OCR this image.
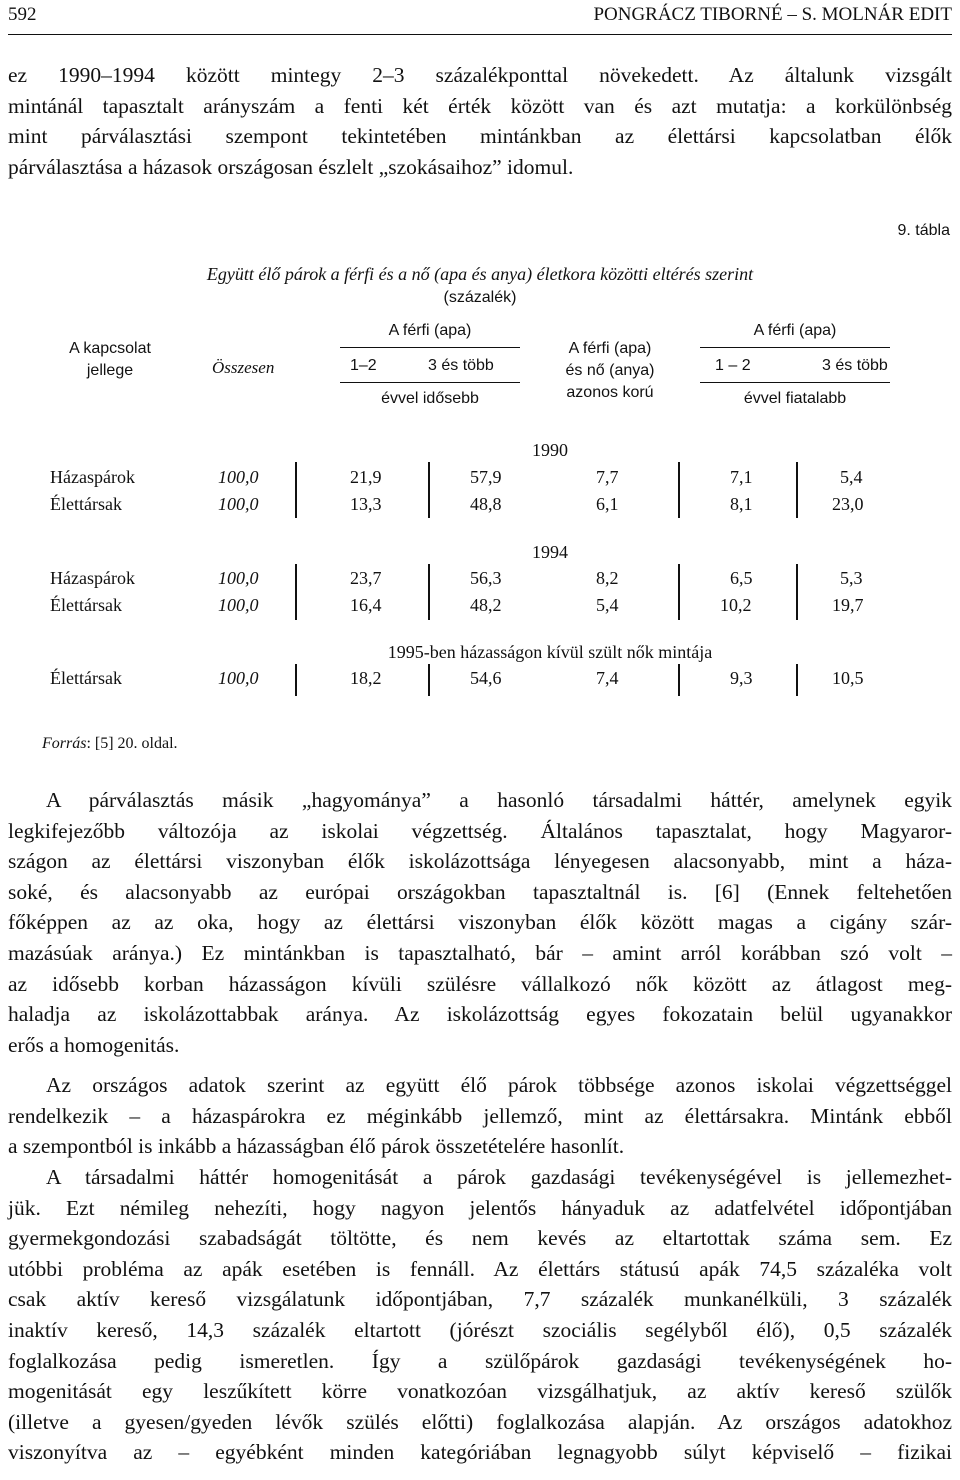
592	PONGRÁCZ TIBORNÉ – S. MOLNÁR EDIT
ez 1990–1994 között mintegy 2–3 százalékponttal növekedett. Az általunk vizsgált
mintánál tapasztalt arányszám a fenti két érték között van és azt mutatja: a korkülönbség
mint párválasztási szempont tekintetében mintánkban az élettársi kapcsolatban élők
párválasztása a házasok országosan észlelt „szokásaihoz” idomul.
9. tábla
Együtt élő párok a férfi és a nő (apa és anya) életkora közötti eltérés szerint
(százalék)
A kapcsolat
jellege	Összesen
A férfi (apa)
1–2	3 és több
évvel idősebb
A férfi (apa)
és nő (anya)
azonos korú
A férfi (apa)
1 – 2	3 és több
évvel fiatalabb
1990
Házaspárok	100,0	21,9	57,9	7,7	7,1	5,4
Élettársak	100,0	13,3	48,8	6,1	8,1	23,0
1994
Házaspárok	100,0	23,7	56,3	8,2	6,5	5,3
Élettársak	100,0	16,4	48,2	5,4	10,2	19,7
1995-ben házasságon kívül szült nők mintája
Élettársak	100,0	18,2	54,6	7,4	9,3	10,5
Forrás: [5] 20. oldal.
A párválasztás másik „hagyománya” a hasonló társadalmi háttér, amelynek egyik
legkifejezőbb változója az iskolai végzettség. Általános tapasztalat, hogy Magyaror-
szágon az élettársi viszonyban élők iskolázottsága lényegesen alacsonyabb, mint a háza-
soké, és alacsonyabb az európai országokban tapasztaltnál is. [6] (Ennek feltehetően
főképpen az az oka, hogy az élettársi viszonyban élők között magas a cigány szár-
mazásúak aránya.) Ez mintánkban is tapasztalható, bár – amint arról korábban szó volt –
az idősebb korban házasságon kívüli szülésre vállalkozó nők között az átlagost meg-
haladja az iskolázottabbak aránya. Az iskolázottság egyes fokozatain belül ugyanakkor
erős a homogenitás.
Az országos adatok szerint az együtt élő párok többsége azonos iskolai végzettséggel
rendelkezik – a házaspárokra ez méginkább jellemző, mint az élettársakra. Mintánk ebből
a szempontból is inkább a házasságban élő párok összetételére hasonlít.
A társadalmi háttér homogenitását a párok gazdasági tevékenységével is jellemezhet-
jük. Ezt némileg nehezíti, hogy nagyon jelentős hányaduk az adatfelvétel időpontjában
gyermekgondozási szabadságát töltötte, és nem kevés az eltartottak száma sem. Ez
utóbbi probléma az apák esetében is fennáll. Az élettárs státusú apák 74,5 százaléka volt
csak aktív kereső vizsgálatunk időpontjában, 7,7 százalék munkanélküli, 3 százalék
inaktív kereső, 14,3 százalék eltartott (jórészt szociális segélyből élő), 0,5 százalék
foglalkozása pedig ismeretlen. Így a szülőpárok gazdasági tevékenységének ho-
mogenitását egy leszűkített körre vonatkozóan vizsgálhatjuk, az aktív kereső szülők
(illetve a gyesen/gyeden lévők szülés előtti) foglalkozása alapján. Az országos adatokhoz
viszonyítva az – egyébként minden kategóriában legnagyobb súlyt képviselő – fizikai
